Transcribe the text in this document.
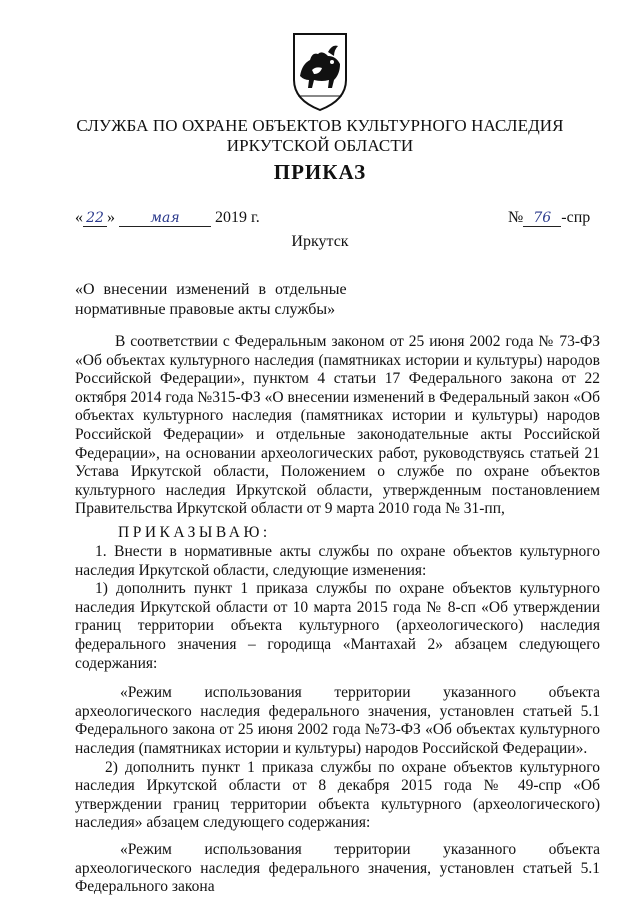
СЛУЖБА ПО ОХРАНЕ ОБЪЕКТОВ КУЛЬТУРНОГО НАСЛЕДИЯ
ИРКУТСКОЙ ОБЛАСТИ
ПРИКАЗ
« 22 »	мая 2019 г.	№ 76 -спр
Иркутск
«О внесении изменений в отдельные
нормативные правовые акты службы»

В соответствии с Федеральным законом от 25 июня 2002 года № 73-ФЗ «Об объектах культурного наследия (памятниках истории и культуры) народов Российской Федерации», пунктом 4 статьи 17 Федерального закона от 22 октября 2014 года №315-ФЗ «О внесении изменений в Федеральный закон «Об объектах культурного наследия (памятниках истории и культуры) народов Российской Федерации» и отдельные законодательные акты Российской Федерации», на основании археологических работ, руководствуясь статьей 21 Устава Иркутской области, Положением о службе по охране объектов культурного наследия Иркутской области, утвержденным постановлением Правительства Иркутской области от 9 марта 2010 года № 31-пп,

ПРИКАЗЫВАЮ:

1. Внести в нормативные акты службы по охране объектов культурного наследия Иркутской области, следующие изменения:

1) дополнить пункт 1 приказа службы по охране объектов культурного наследия Иркутской области от 10 марта 2015 года № 8-сп «Об утверждении границ территории объекта культурного (археологического) наследия федерального значения – городища «Мантахай 2» абзацем следующего содержания:

«Режим использования территории указанного объекта археологического наследия федерального значения, установлен статьей 5.1 Федерального закона от 25 июня 2002 года №73-ФЗ «Об объектах культурного наследия (памятниках истории и культуры) народов Российской Федерации».

2) дополнить пункт 1 приказа службы по охране объектов культурного наследия Иркутской области от 8 декабря 2015 года № 49-спр «Об утверждении границ территории объекта культурного (археологического) наследия» абзацем следующего содержания:

«Режим использования территории указанного объекта археологического наследия федерального значения, установлен статьей 5.1 Федерального закона
